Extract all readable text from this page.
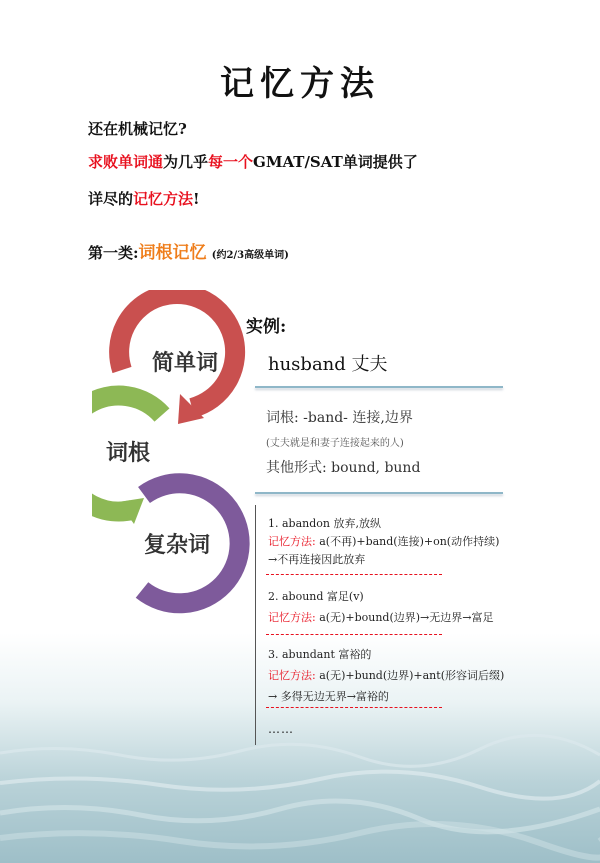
记忆方法
还在机械记忆?
求败单词通为几乎每一个GMAT/SAT单词提供了
详尽的记忆方法!
第一类:词根记忆 (约2/3高级单词)
简单词
词根
复杂词
实例:
husband 丈夫
词根: -band- 连接,边界
(丈夫就是和妻子连接起来的人)
其他形式: bound, bund
1. abandon 放弃,放纵
记忆方法: a(不再)+band(连接)+on(动作持续)
→不再连接因此放弃
2. abound 富足(v)
记忆方法: a(无)+bound(边界)→无边界→富足
3. abundant 富裕的
记忆方法: a(无)+bund(边界)+ant(形容词后缀)
→ 多得无边无界→富裕的
……
